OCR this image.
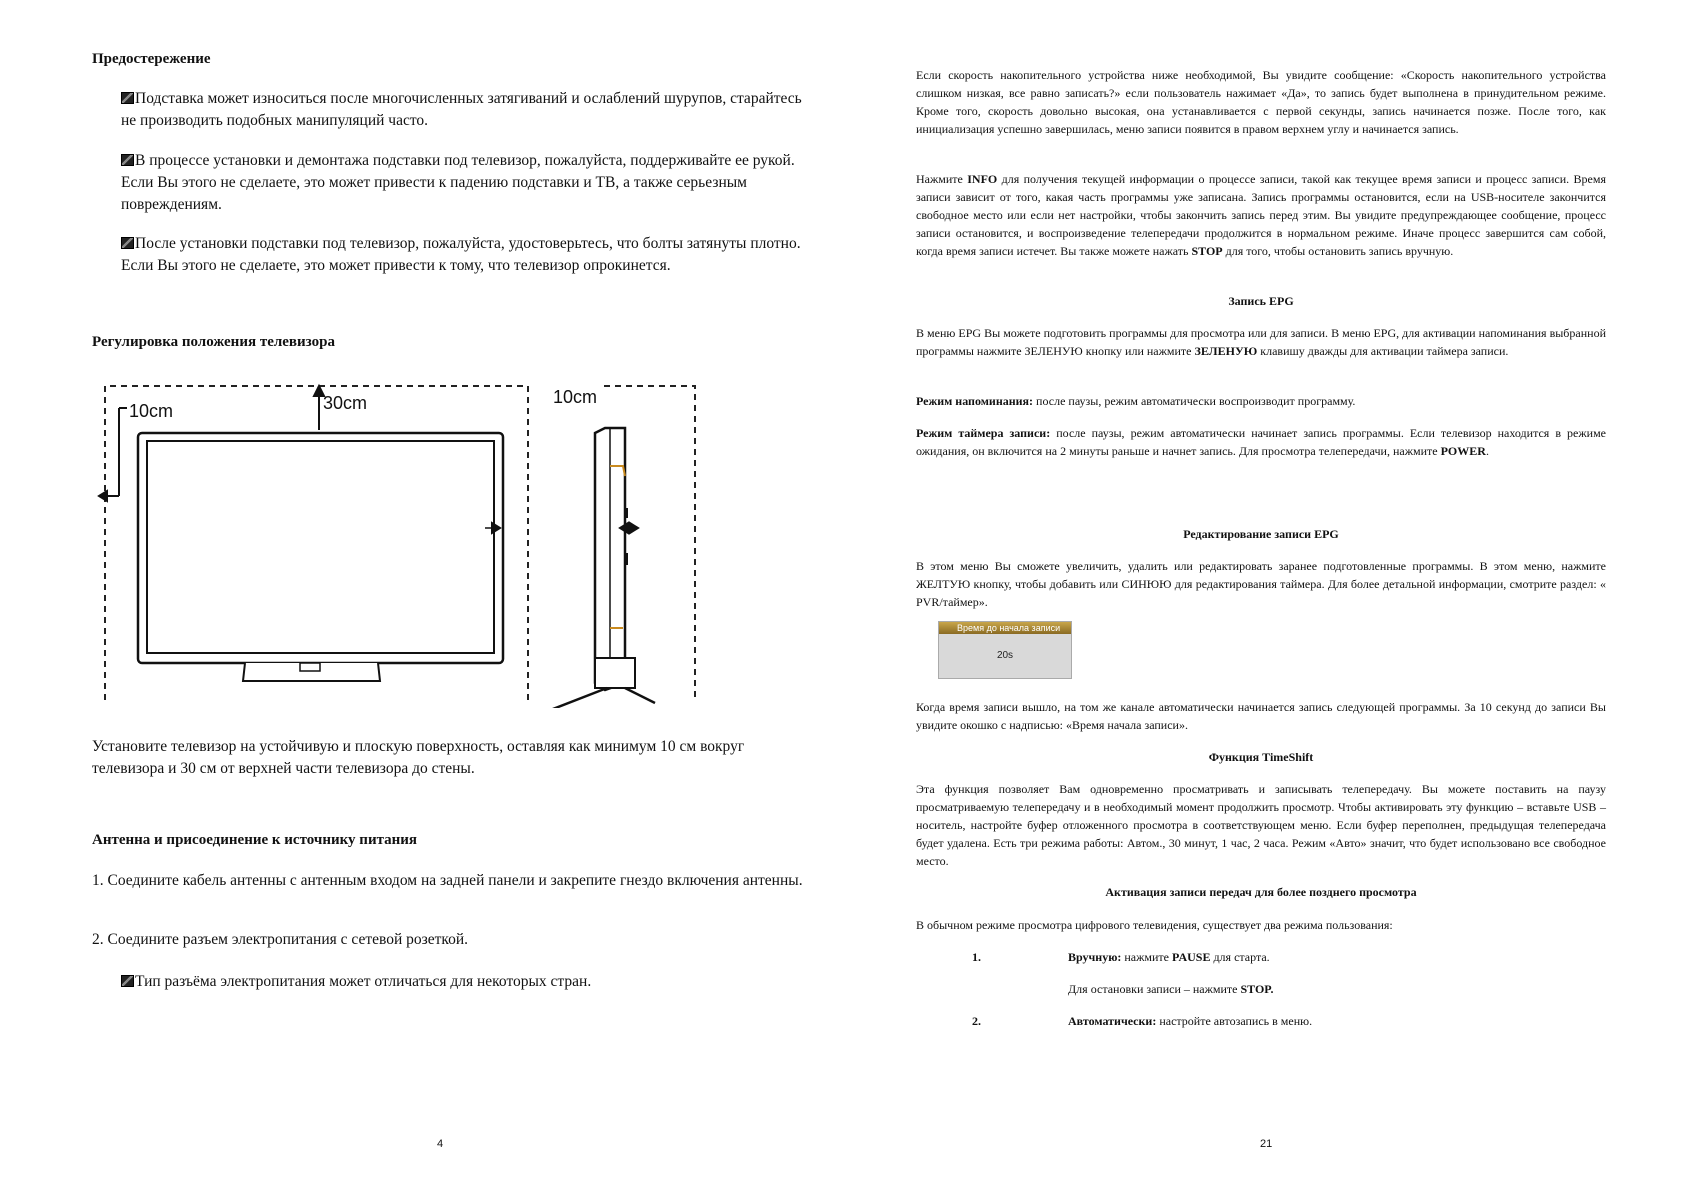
Предостережение
Подставка может износиться после многочисленных затягиваний и ослаблений шурупов, старайтесь не производить подобных манипуляций часто.
В процессе установки и демонтажа подставки под телевизор, пожалуйста, поддерживайте ее рукой. Если Вы этого не сделаете, это может привести к падению подставки и ТВ, а также серьезным повреждениям.
После установки подставки под телевизор, пожалуйста, удостоверьтесь, что болты затянуты плотно. Если Вы этого не сделаете, это может привести к тому, что телевизор опрокинется.
Регулировка положения телевизора
10cm	30cm	10cm
Установите телевизор на устойчивую и плоскую поверхность, оставляя как минимум 10 см вокруг телевизора и 30 см от верхней части телевизора до стены.
Антенна и присоединение к источнику питания
1. Соедините кабель антенны с антенным входом на задней панели и закрепите гнездо включения антенны.
2. Соедините разъем электропитания с сетевой розеткой.
Тип разъёма электропитания может отличаться для некоторых стран.
4
Если скорость накопительного устройства ниже необходимой, Вы увидите сообщение: «Скорость накопительного устройства слишком низкая, все равно записать?» если пользователь нажимает «Да», то запись будет выполнена в принудительном режиме. Кроме того, скорость довольно высокая, она устанавливается с первой секунды, запись начинается позже. После того, как инициализация успешно завершилась, меню записи появится в правом верхнем углу и начинается запись.
Нажмите INFO для получения текущей информации о процессе записи, такой как текущее время записи и процесс записи. Время записи зависит от того, какая часть программы уже записана. Запись программы остановится, если на USB-носителе закончится свободное место или если нет настройки, чтобы закончить запись перед этим. Вы увидите предупреждающее сообщение, процесс записи остановится, и воспроизведение телепередачи продолжится в нормальном режиме. Иначе процесс завершится сам собой, когда время записи истечет. Вы также можете нажать STOP для того, чтобы остановить запись вручную.
Запись EPG
В меню EPG Вы можете подготовить программы для просмотра или для записи. В меню EPG, для активации напоминания выбранной программы нажмите ЗЕЛЕНУЮ кнопку или нажмите ЗЕЛЕНУЮ клавишу дважды для активации таймера записи.
Режим напоминания: после паузы, режим автоматически воспроизводит программу.
Режим таймера записи: после паузы, режим автоматически начинает запись программы. Если телевизор находится в режиме ожидания, он включится на 2 минуты раньше и начнет запись. Для просмотра телепередачи, нажмите POWER.
Редактирование записи EPG
В этом меню Вы сможете увеличить, удалить или редактировать заранее подготовленные программы. В этом меню, нажмите ЖЕЛТУЮ кнопку, чтобы добавить или СИНЮЮ для редактирования таймера. Для более детальной информации, смотрите раздел: « PVR/таймер».
Когда время записи вышло, на том же канале автоматически начинается запись следующей программы. За 10 секунд до записи Вы увидите окошко с надписью: «Время начала записи».
Функция TimeShift
Эта функция позволяет Вам одновременно просматривать и записывать телепередачу. Вы можете поставить на паузу просматриваемую телепередачу и в необходимый момент продолжить просмотр. Чтобы активировать эту функцию – вставьте USB – носитель, настройте буфер отложенного просмотра в соответствующем меню. Если буфер переполнен, предыдущая телепередача будет удалена. Есть три режима работы: Автом., 30 минут, 1 час, 2 часа. Режим «Авто» значит, что будет использовано все свободное место.
Активация записи передач для более позднего просмотра
В обычном режиме просмотра цифрового телевидения, существует два режима пользования:
1.	Вручную: нажмите PAUSE для старта.
Для остановки записи – нажмите STOP.
2.	Автоматически: настройте автозапись в меню.
21
Время до начала записи
20s
